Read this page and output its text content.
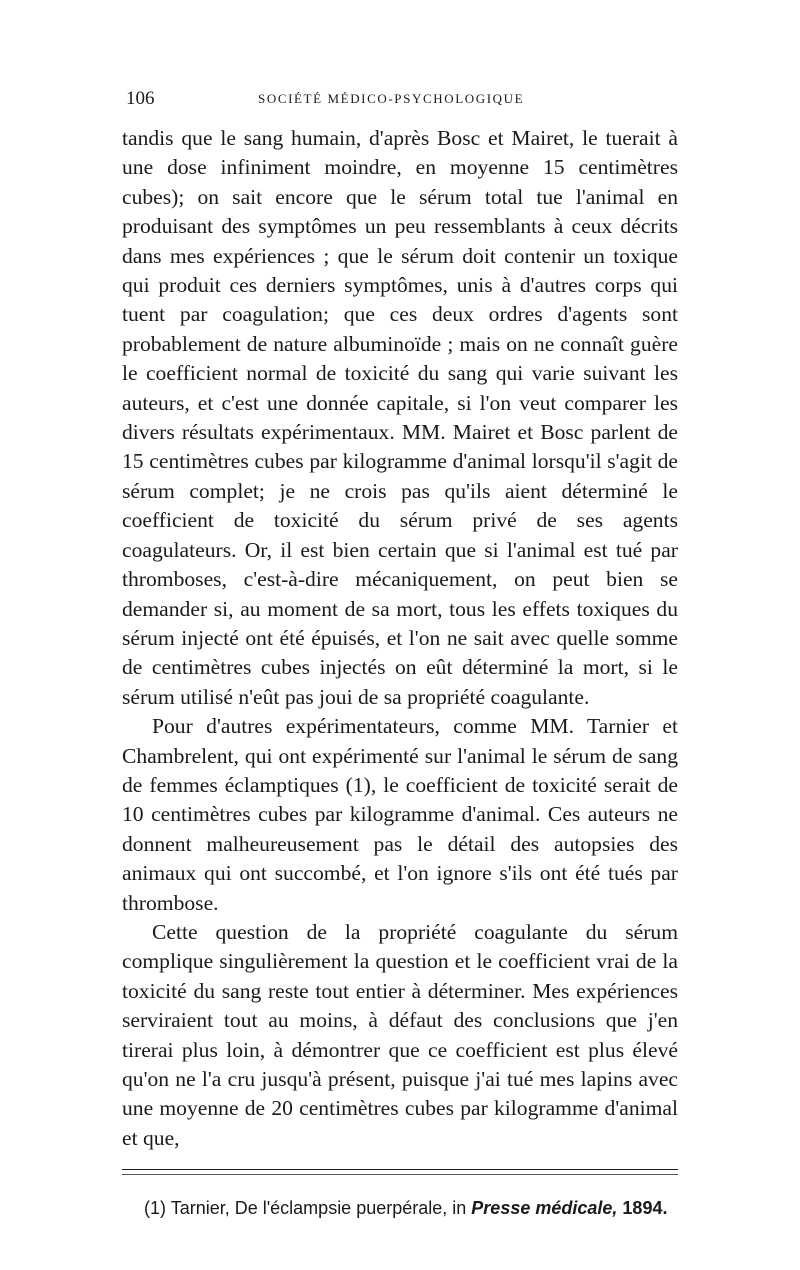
106	SOCIÉTÉ MÉDICO-PSYCHOLOGIQUE

tandis que le sang humain, d'après Bosc et Mairet, le tuerait à une dose infiniment moindre, en moyenne 15 centimètres cubes); on sait encore que le sérum total tue l'animal en produisant des symptômes un peu ressemblants à ceux décrits dans mes expériences ; que le sérum doit contenir un toxique qui produit ces derniers symptômes, unis à d'autres corps qui tuent par coagulation; que ces deux ordres d'agents sont probablement de nature albuminoïde ; mais on ne connaît guère le coefficient normal de toxicité du sang qui varie suivant les auteurs, et c'est une donnée capitale, si l'on veut comparer les divers résultats expérimentaux. MM. Mairet et Bosc parlent de 15 centimètres cubes par kilogramme d'animal lorsqu'il s'agit de sérum complet; je ne crois pas qu'ils aient déterminé le coefficient de toxicité du sérum privé de ses agents coagulateurs. Or, il est bien certain que si l'animal est tué par thromboses, c'est-à-dire mécaniquement, on peut bien se demander si, au moment de sa mort, tous les effets toxiques du sérum injecté ont été épuisés, et l'on ne sait avec quelle somme de centimètres cubes injectés on eût déterminé la mort, si le sérum utilisé n'eût pas joui de sa propriété coagulante.

Pour d'autres expérimentateurs, comme MM. Tarnier et Chambrelent, qui ont expérimenté sur l'animal le sérum de sang de femmes éclamptiques (1), le coefficient de toxicité serait de 10 centimètres cubes par kilogramme d'animal. Ces auteurs ne donnent malheureusement pas le détail des autopsies des animaux qui ont succombé, et l'on ignore s'ils ont été tués par thrombose.

Cette question de la propriété coagulante du sérum complique singulièrement la question et le coefficient vrai de la toxicité du sang reste tout entier à déterminer. Mes expériences serviraient tout au moins, à défaut des conclusions que j'en tirerai plus loin, à démontrer que ce coefficient est plus élevé qu'on ne l'a cru jusqu'à présent, puisque j'ai tué mes lapins avec une moyenne de 20 centimètres cubes par kilogramme d'animal et que,

(1) Tarnier, De l'éclampsie puerpérale, in Presse médicale, 1894.
